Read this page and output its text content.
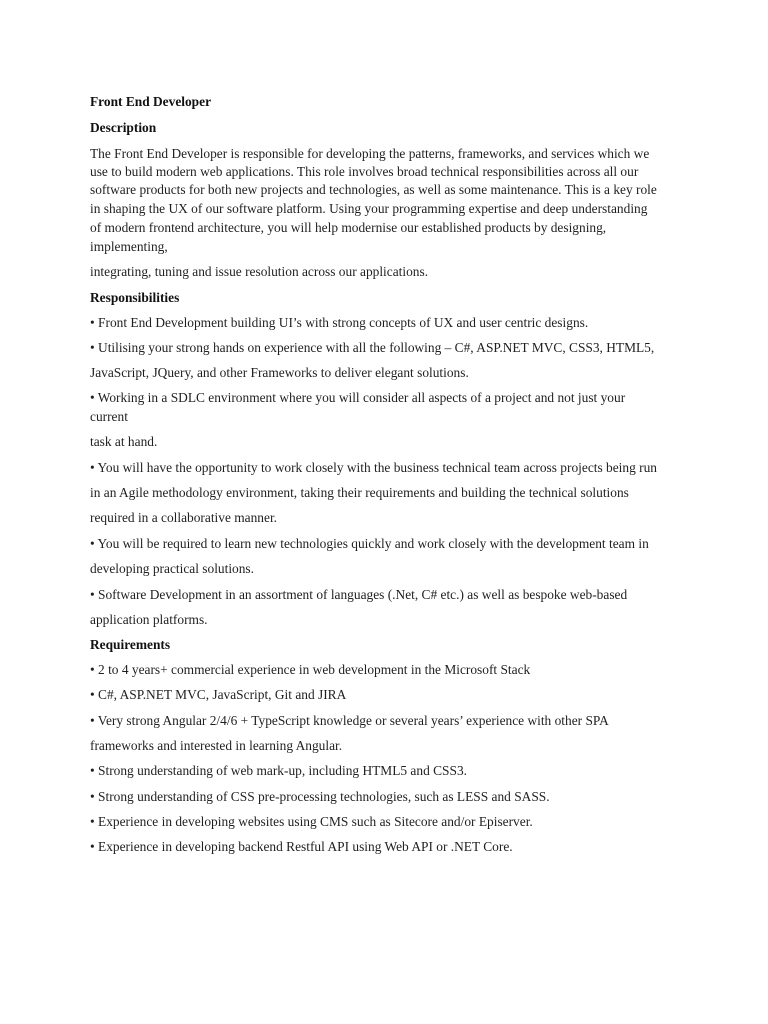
Front End Developer

Description

The Front End Developer is responsible for developing the patterns, frameworks, and services which we

use to build modern web applications. This role involves broad technical responsibilities across all our

software products for both new projects and technologies, as well as some maintenance. This is a key role

in shaping the UX of our software platform. Using your programming expertise and deep understanding

of modern frontend architecture, you will help modernise our established products by designing,

implementing,

integrating, tuning and issue resolution across our applications.

Responsibilities

• Front End Development building UI’s with strong concepts of UX and user centric designs.

• Utilising your strong hands on experience with all the following – C#, ASP.NET MVC, CSS3, HTML5,

JavaScript, JQuery, and other Frameworks to deliver elegant solutions.

• Working in a SDLC environment where you will consider all aspects of a project and not just your

current

task at hand.

• You will have the opportunity to work closely with the business technical team across projects being run

in an Agile methodology environment, taking their requirements and building the technical solutions

required in a collaborative manner.

• You will be required to learn new technologies quickly and work closely with the development team in

developing practical solutions.

• Software Development in an assortment of languages (.Net, C# etc.) as well as bespoke web-based

application platforms.

Requirements

• 2 to 4 years+ commercial experience in web development in the Microsoft Stack

• C#, ASP.NET MVC, JavaScript, Git and JIRA

• Very strong Angular 2/4/6 + TypeScript knowledge or several years’ experience with other SPA

frameworks and interested in learning Angular.

• Strong understanding of web mark-up, including HTML5 and CSS3.

• Strong understanding of CSS pre-processing technologies, such as LESS and SASS.

• Experience in developing websites using CMS such as Sitecore and/or Episerver.

• Experience in developing backend Restful API using Web API or .NET Core.
